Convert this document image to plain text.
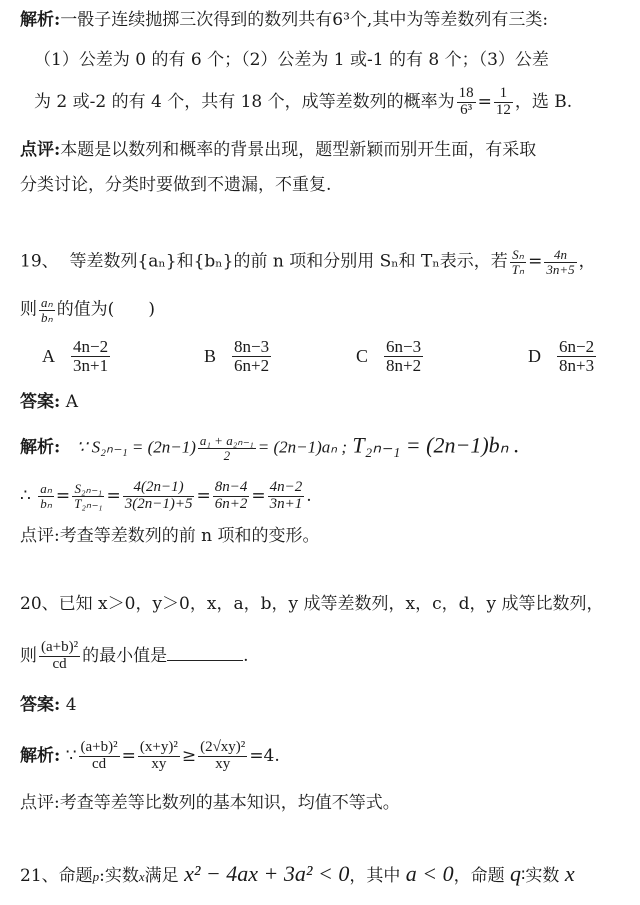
解析:一骰子连续抛掷三次得到的数列共有6³个,其中为等差数列有三类:
（1）公差为 0 的有 6 个；（2）公差为 1 或-1 的有 8 个；（3）公差
为 2 或-2 的有 4 个，共有 18 个，成等差数列的概率为 $\frac{18}{\text{6³}} = \frac{1}{12}$ ，选 B.
点评:本题是以数列和概率的背景出现，题型新颖而别开生面，有采取
分类讨论，分类时要做到不遗漏，不重复.
19、 等差数列{aₙ}和{bₙ}的前 n 项和分别用 Sₙ和 Tₙ表示，若 $\frac{\text{Sₙ}}{\text{Tₙ}} = \frac{4n}{3n+5}$ ，
则 $\frac{\text{aₙ}}{\text{bₙ}}$ 的值为(　　)
A $\frac{4n-2}{3n+1}$	B $\frac{8n-3}{6n+2}$	C $\frac{6n-3}{8n+2}$	D $\frac{6n-2}{8n+3}$
答案: A
解析: ∵ $S_{2n-1} = (2n-1) \frac{\text{a₁ + a₂ₙ₋₁}}{2} = (2n-1)a_n$ ; T₂ₙ₋₁ = (2n−1)bₙ .
∴ $\frac{\text{aₙ}}{\text{bₙ}} = \frac{\text{S₂ₙ₋₁}}{\text{T₂ₙ₋₁}} = \frac{4(2n-1)}{3(2n-1)+5} = \frac{8n-4}{6n+2} = \frac{4n-2}{3n+1}$ .
点评:考查等差数列的前 n 项和的变形。
20、已知 x＞0，y＞0，x，a，b，y 成等差数列，x，c，d，y 成等比数列，
则 $\frac{\text{(a+b)²}}{cd}$ 的最小值是	.
答案: 4
解析: ∵ $\frac{\text{(a+b)²}}{cd} = \frac{\text{(x+y)²}}{xy} \ge \frac{\text{(2√xy)²}}{xy} =4$.
点评:考查等差等比数列的基本知识，均值不等式。
21、命题p:实数x满足 x² − 4ax + 3a² < 0，其中 a < 0，命题 q∶实数 x
